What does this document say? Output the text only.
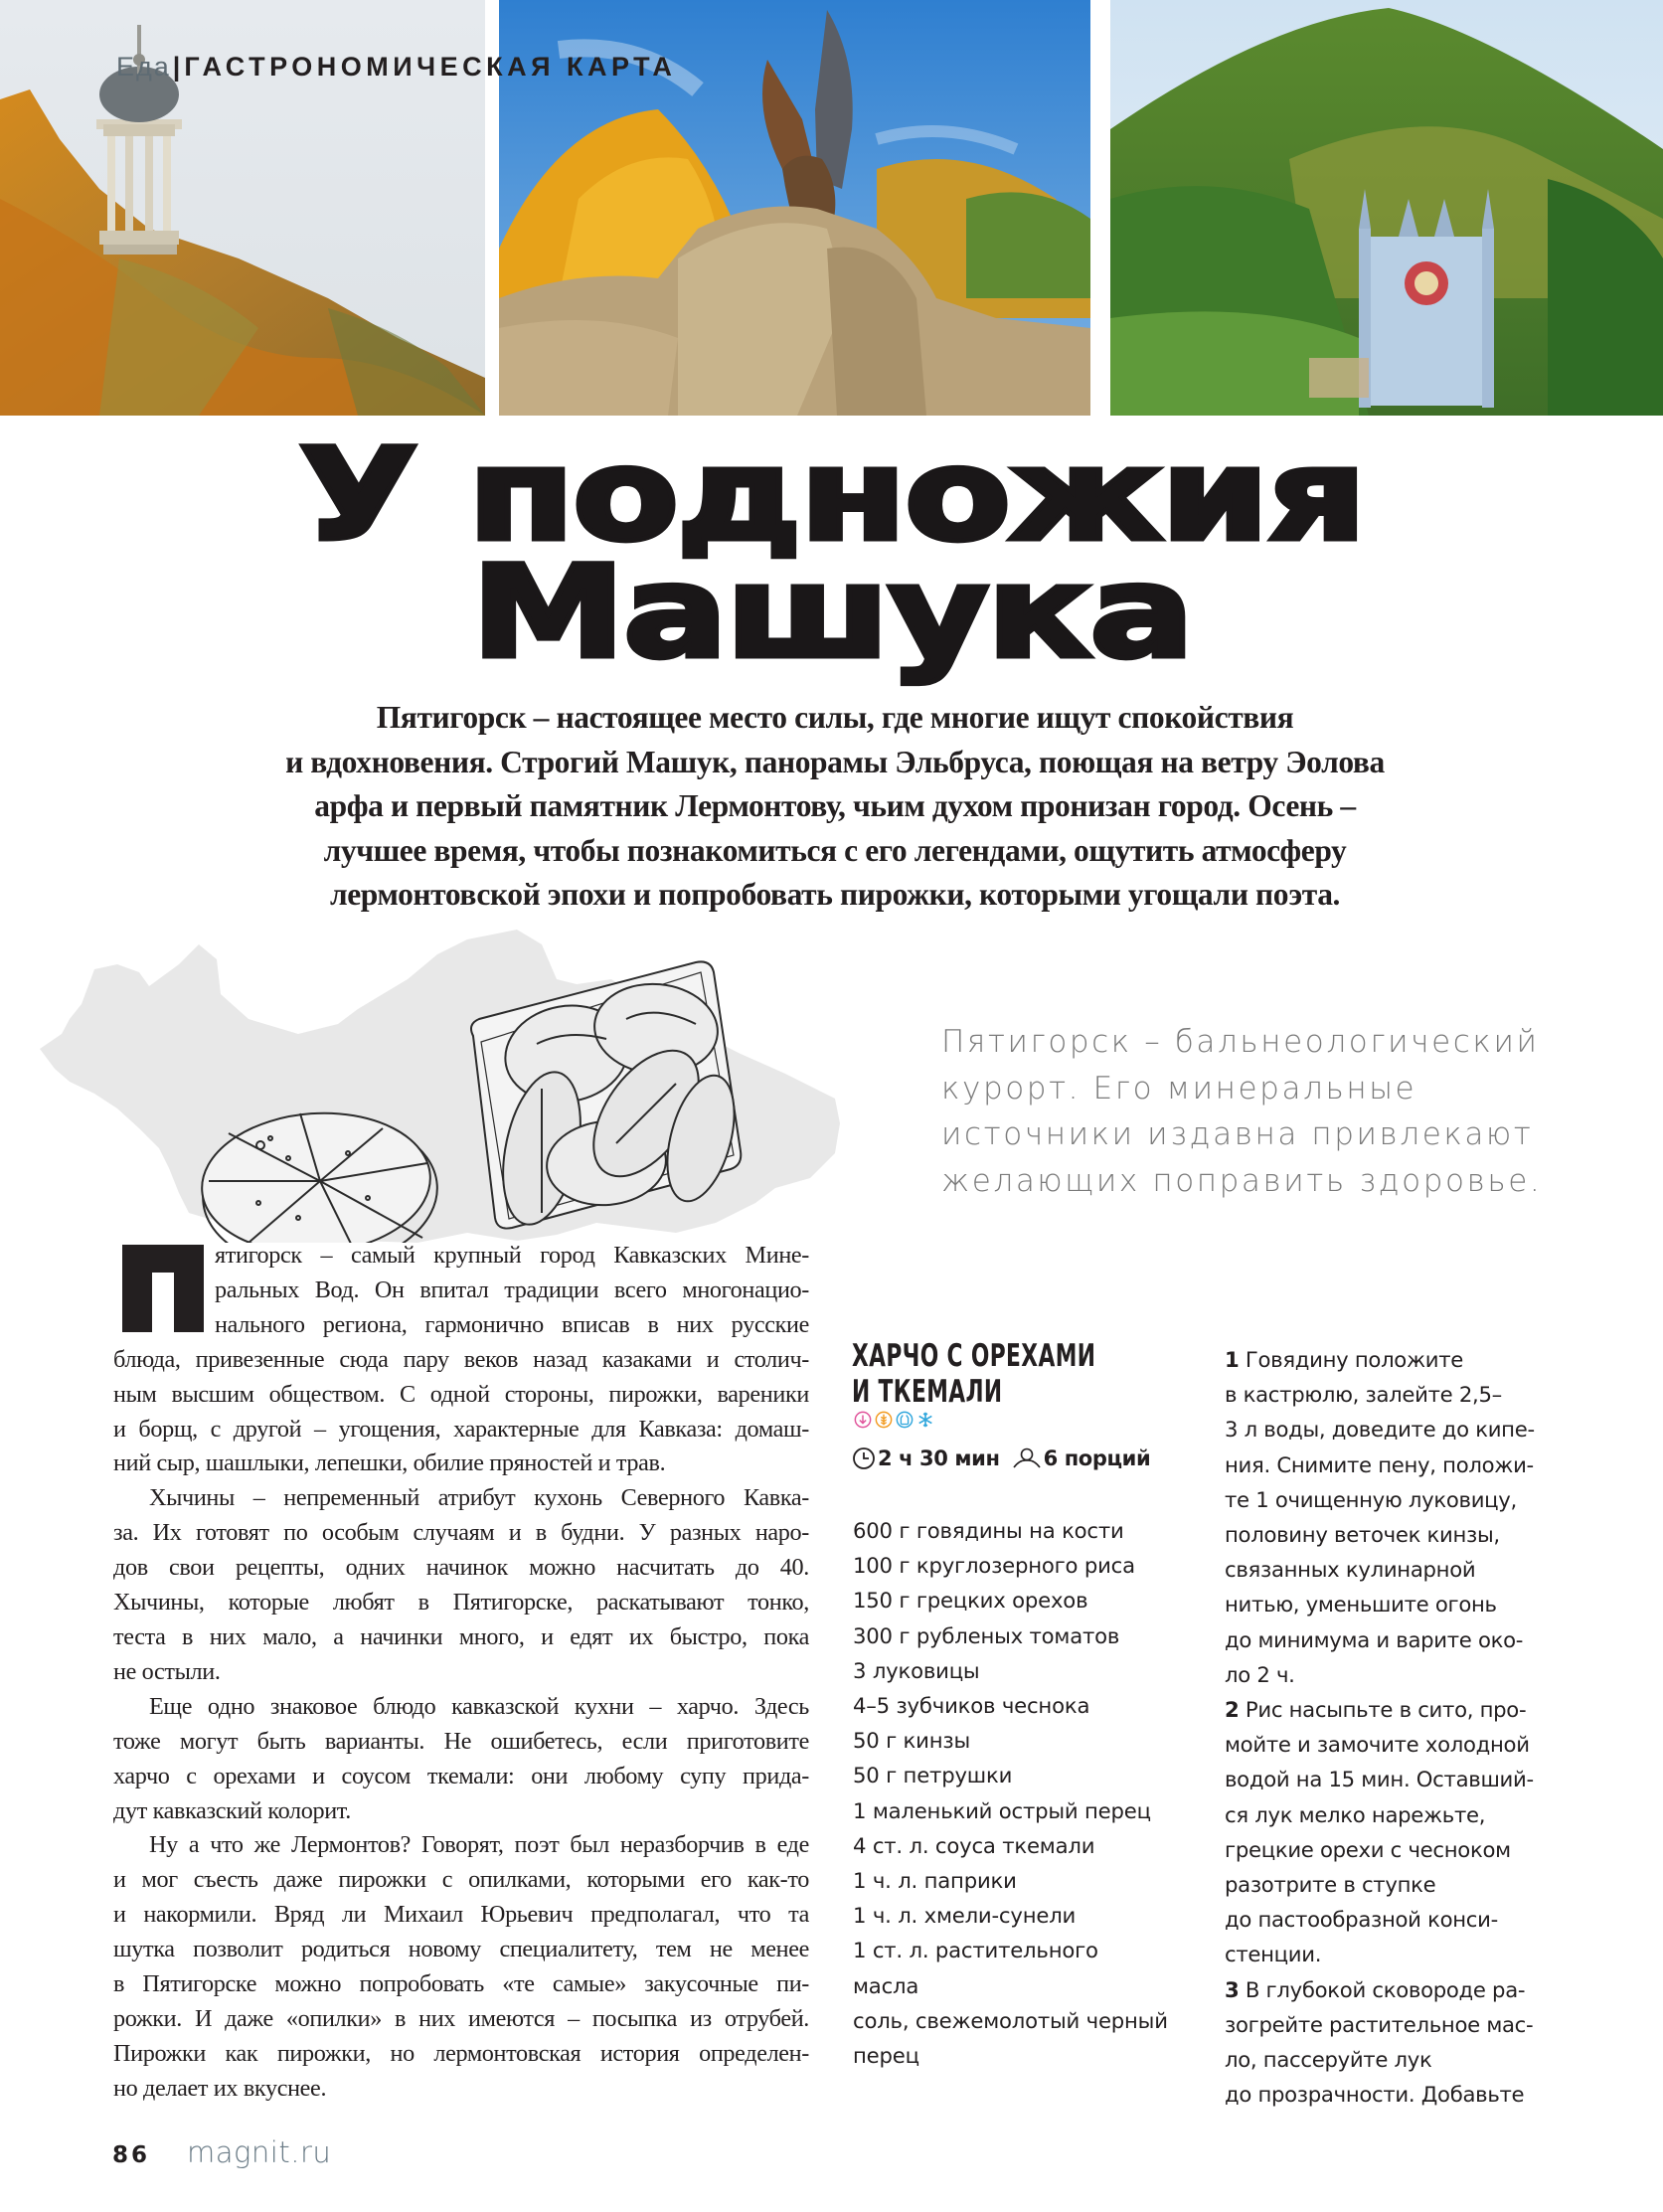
Еда| ГАСТРОНОМИЧЕСКАЯ КАРТА
У подножия
Машука

Пятигорск – настоящее место силы, где многие ищут спокойствия

и вдохновения. Строгий Машук, панорамы Эльбруса, поющая на ветру Эолова

арфа и первый памятник Лермонтову, чьим духом пронизан город. Осень –

лучшее время, чтобы познакомиться с его легендами, ощутить атмосферу

лермонтовской эпохи и попробовать пирожки, которыми угощали поэта.

Пятигорск – бальнеологический

курорт. Его минеральные

источники издавна привлекают

желающих поправить здоровье.

ятигорск – самый крупный город Кавказских Мине-
ральных Вод. Он впитал традиции всего многонацио-
нального региона, гармонично вписав в них русские
блюда, привезенные сюда пару веков назад казаками и столич-
ным высшим обществом. С одной стороны, пирожки, вареники
и борщ, с другой – угощения, характерные для Кавказа: домаш-
ний сыр, шашлыки, лепешки, обилие пряностей и трав.
Хычины – непременный атрибут кухонь Северного Кавка-
за. Их готовят по особым случаям и в будни. У разных наро-
дов свои рецепты, одних начинок можно насчитать до 40.
Хычины, которые любят в Пятигорске, раскатывают тонко,
теста в них мало, а начинки много, и едят их быстро, пока
не остыли.
Еще одно знаковое блюдо кавказской кухни – харчо. Здесь
тоже могут быть варианты. Не ошибетесь, если приготовите
харчо с орехами и соусом ткемали: они любому супу прида-
дут кавказский колорит.
Ну а что же Лермонтов? Говорят, поэт был неразборчив в еде
и мог съесть даже пирожки с опилками, которыми его как-то
и накормили. Вряд ли Михаил Юрьевич предполагал, что та
шутка позволит родиться новому специалитету, тем не менее
в Пятигорске можно попробовать «те самые» закусочные пи-
рожки. И даже «опилки» в них имеются – посыпка из отрубей.
Пирожки как пирожки, но лермонтовская история определен-
но делает их вкуснее.
ХАРЧО С ОРЕХАМИ
И ТКЕМАЛИ
2 ч 30 мин 6 порций
600 г говядины на кости
100 г круглозерного риса
150 г грецких орехов
300 г рубленых томатов
3 луковицы
4–5 зубчиков чеснока
50 г кинзы
50 г петрушки
1 маленький острый перец
4 ст. л. соуса ткемали
1 ч. л. паприки
1 ч. л. хмели-сунели
1 ст. л. растительного
масла
соль, свежемолотый черный
перец
1 Говядину положите
в кастрюлю, залейте 2,5–
3 л воды, доведите до кипе-
ния. Снимите пену, положи-
те 1 очищенную луковицу,
половину веточек кинзы,
связанных кулинарной
нитью, уменьшите огонь
до минимума и варите око-
ло 2 ч.
2 Рис насыпьте в сито, про-
мойте и замочите холодной
водой на 15 мин. Оставший-
ся лук мелко нарежьте,
грецкие орехи с чесноком
разотрите в ступке
до пастообразной конси-
стенции.
3 В глубокой сковороде ра-
зогрейте растительное мас-
ло, пассеруйте лук
до прозрачности. Добавьте
86 magnit.ru
